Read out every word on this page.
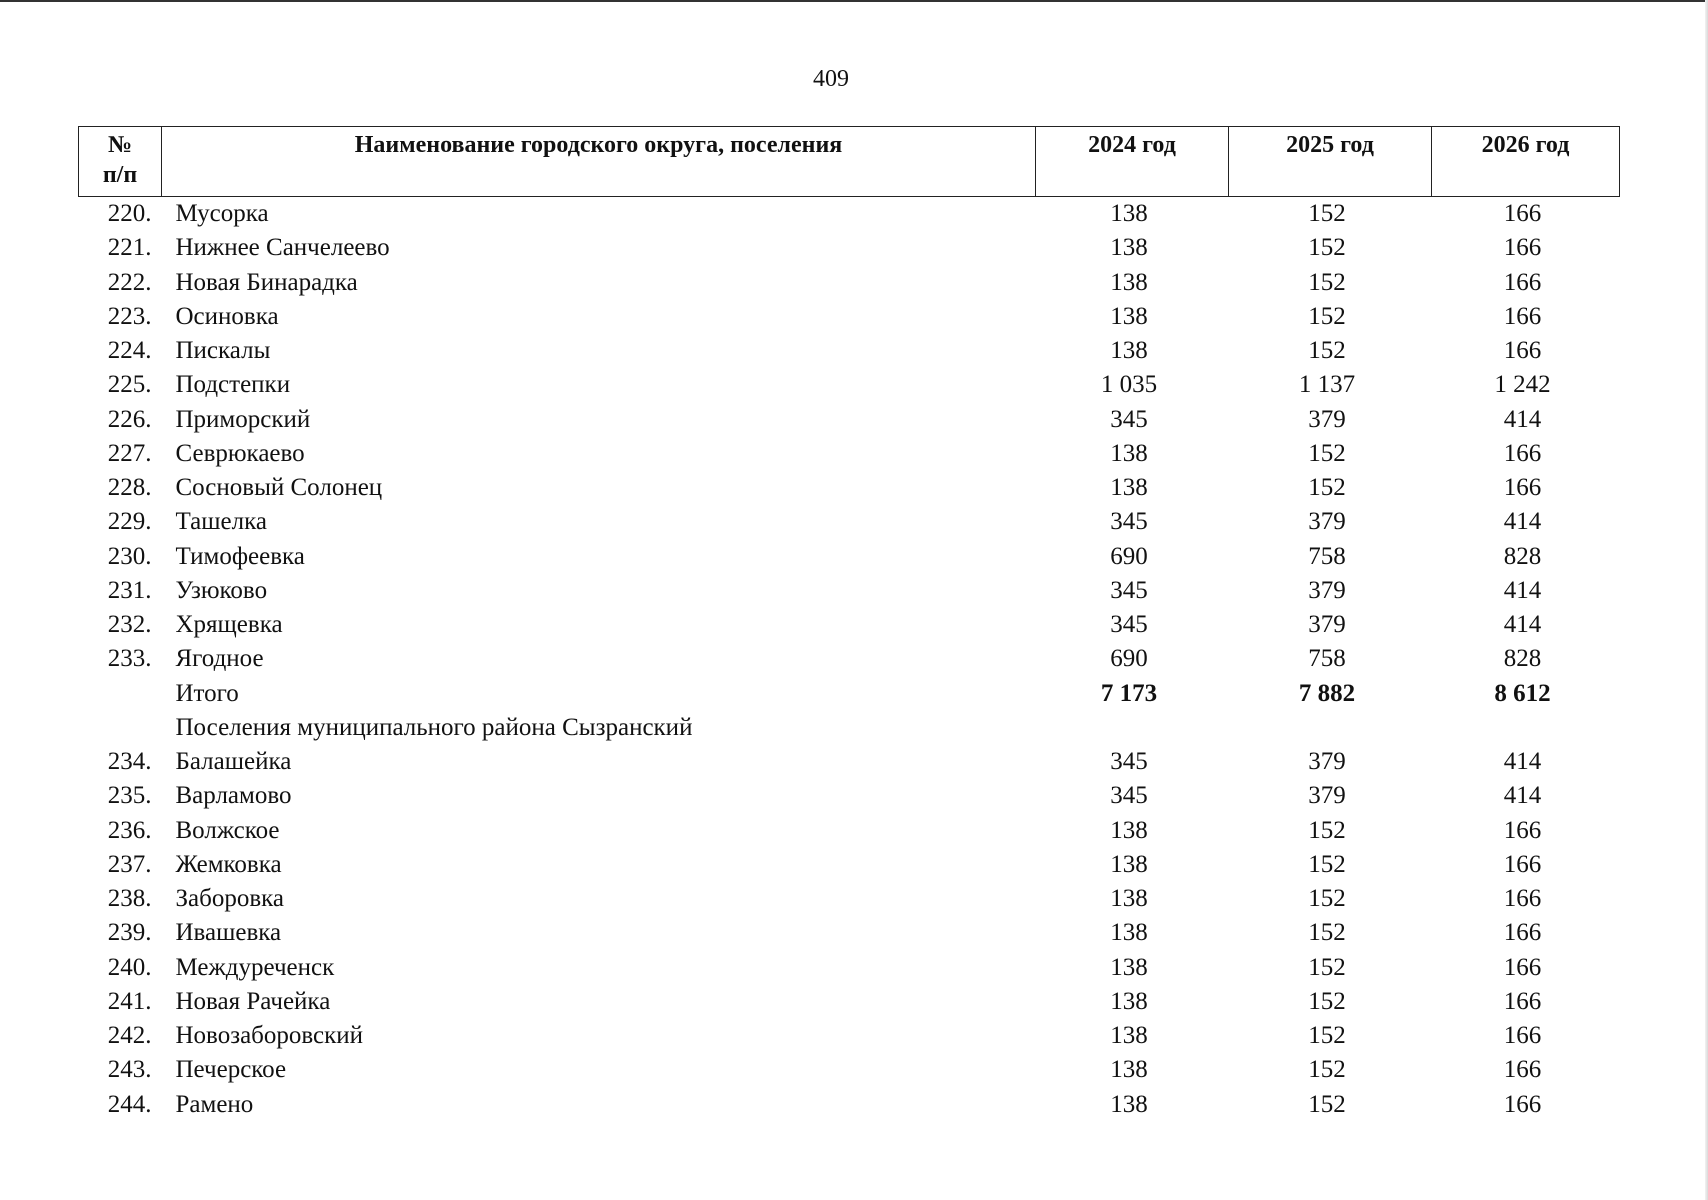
409
№
п/п	Наименование городского округа, поселения	2024 год	2025 год	2026 год
220.	Мусорка	138	152	166
221.	Нижнее Санчелеево	138	152	166
222.	Новая Бинарадка	138	152	166
223.	Осиновка	138	152	166
224.	Пискалы	138	152	166
225.	Подстепки	1 035	1 137	1 242
226.	Приморский	345	379	414
227.	Севрюкаево	138	152	166
228.	Сосновый Солонец	138	152	166
229.	Ташелка	345	379	414
230.	Тимофеевка	690	758	828
231.	Узюково	345	379	414
232.	Хрящевка	345	379	414
233.	Ягодное	690	758	828
	Итого	7 173	7 882	8 612
	Поселения муниципального района Сызранский			
234.	Балашейка	345	379	414
235.	Варламово	345	379	414
236.	Волжское	138	152	166
237.	Жемковка	138	152	166
238.	Заборовка	138	152	166
239.	Ивашевка	138	152	166
240.	Междуреченск	138	152	166
241.	Новая Рачейка	138	152	166
242.	Новозаборовский	138	152	166
243.	Печерское	138	152	166
244.	Рамено	138	152	166
